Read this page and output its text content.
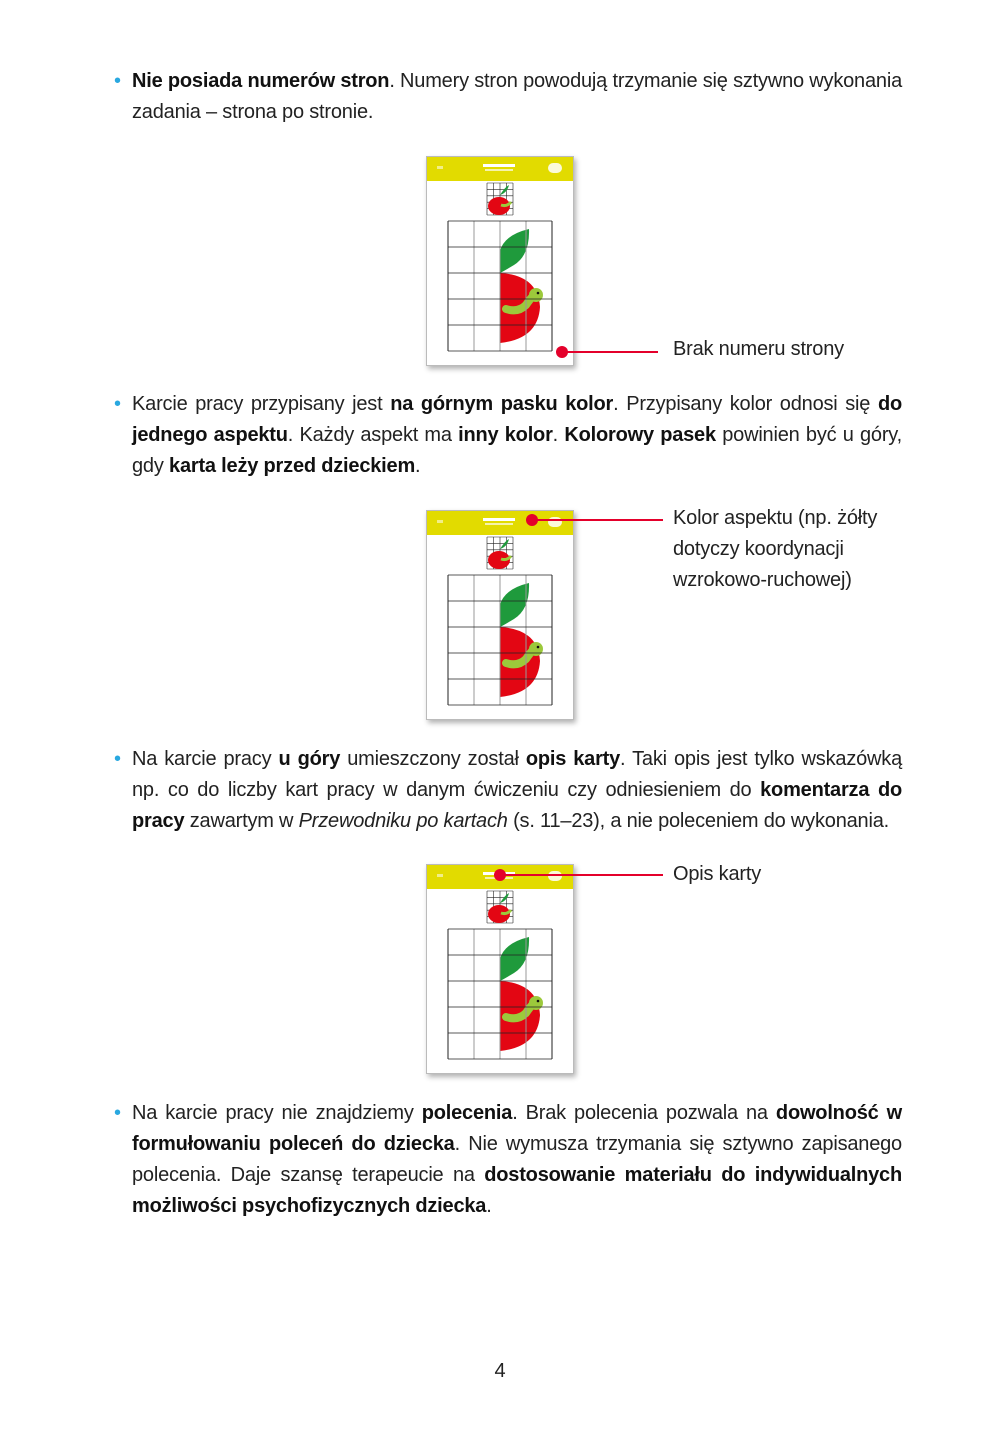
• Nie posiada numerów stron. Numery stron powodują trzymanie się sztywno wykonania zadania – strona po stronie.
Brak numeru strony
• Karcie pracy przypisany jest na górnym pasku kolor. Przypisany kolor odnosi się do jednego aspektu. Każdy aspekt ma inny kolor. Kolorowy pasek powinien być u góry, gdy karta leży przed dzieckiem.
Kolor aspektu (np. żółty dotyczy koordynacji wzrokowo-ruchowej)
• Na karcie pracy u góry umieszczony został opis karty. Taki opis jest tylko wskazówką np. co do liczby kart pracy w danym ćwiczeniu czy odniesieniem do komentarza do pracy zawartym w Przewodniku po kartach (s. 11–23), a nie poleceniem do wykonania.
Opis karty
• Na karcie pracy nie znajdziemy polecenia. Brak polecenia pozwala na dowolność w formułowaniu poleceń do dziecka. Nie wymusza trzymania się sztywno zapisanego polecenia. Daje szansę terapeucie na dostosowanie materiału do indywidualnych możliwości psychofizycznych dziecka.
4
